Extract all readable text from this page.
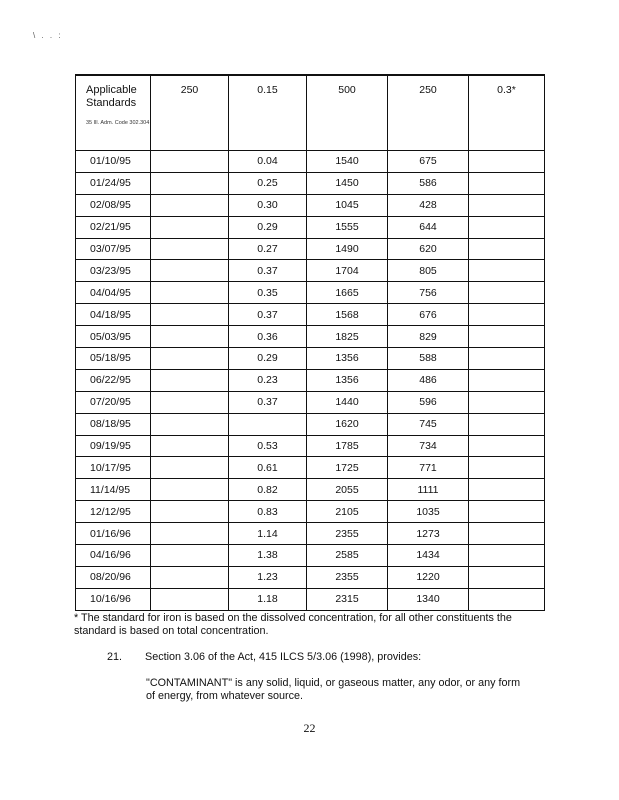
\ . . :
Applicable Standards
35 Ill. Adm. Code 302.304	250	0.15	500	250	0.3*
01/10/95		0.04	1540	675	
01/24/95		0.25	1450	586	
02/08/95		0.30	1045	428	
02/21/95		0.29	1555	644	
03/07/95		0.27	1490	620	
03/23/95		0.37	1704	805	
04/04/95		0.35	1665	756	
04/18/95		0.37	1568	676	
05/03/95		0.36	1825	829	
05/18/95		0.29	1356	588	
06/22/95		0.23	1356	486	
07/20/95		0.37	1440	596	
08/18/95			1620	745	
09/19/95		0.53	1785	734	
10/17/95		0.61	1725	771	
11/14/95		0.82	2055	1111	
12/12/95		0.83	2105	1035	
01/16/96		1.14	2355	1273	
04/16/96		1.38	2585	1434	
08/20/96		1.23	2355	1220	
10/16/96		1.18	2315	1340	
* The standard for iron is based on the dissolved concentration, for all other constituents the standard is based on total concentration.
21. Section 3.06 of the Act, 415 ILCS 5/3.06 (1998), provides:
"CONTAMINANT" is any solid, liquid, or gaseous matter, any odor, or any form of energy, from whatever source.
22
